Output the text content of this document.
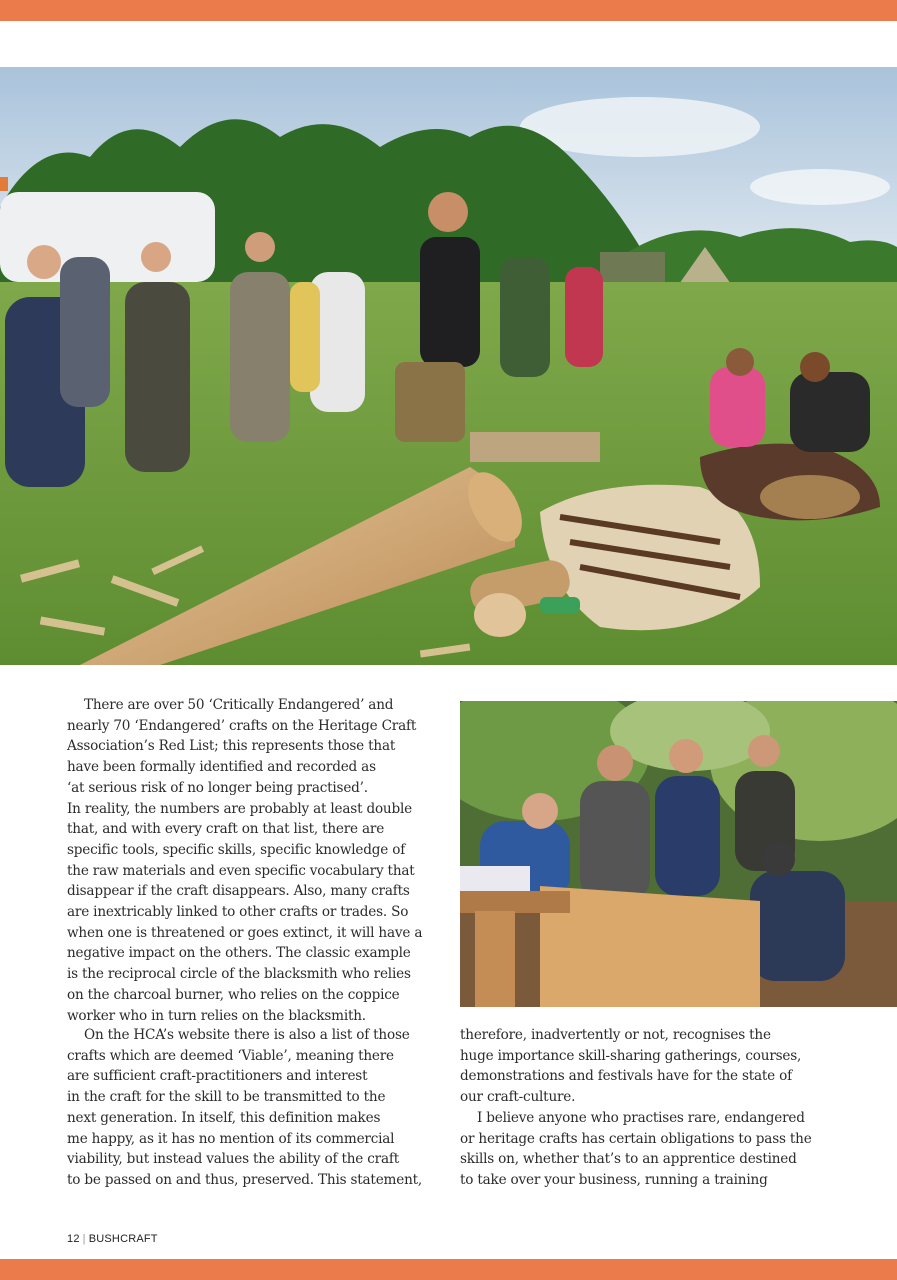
There are over 50 ‘Critically Endangered’ and
nearly 70 ‘Endangered’ crafts on the Heritage Craft
Association’s Red List; this represents those that
have been formally identified and recorded as
‘at serious risk of no longer being practised’.
In reality, the numbers are probably at least double
that, and with every craft on that list, there are
specific tools, specific skills, specific knowledge of
the raw materials and even specific vocabulary that
disappear if the craft disappears. Also, many crafts
are inextricably linked to other crafts or trades. So
when one is threatened or goes extinct, it will have a
negative impact on the others. The classic example
is the reciprocal circle of the blacksmith who relies
on the charcoal burner, who relies on the coppice
worker who in turn relies on the blacksmith.
On the HCA’s website there is also a list of those
crafts which are deemed ‘Viable’, meaning there
are sufficient craft-practitioners and interest
in the craft for the skill to be transmitted to the
next generation. In itself, this definition makes
me happy, as it has no mention of its commercial
viability, but instead values the ability of the craft
to be passed on and thus, preserved. This statement,
therefore, inadvertently or not, recognises the
huge importance skill-sharing gatherings, courses,
demonstrations and festivals have for the state of
our craft-culture.
I believe anyone who practises rare, endangered
or heritage crafts has certain obligations to pass the
skills on, whether that’s to an apprentice destined
to take over your business, running a training
12 | BUSHCRAFT
